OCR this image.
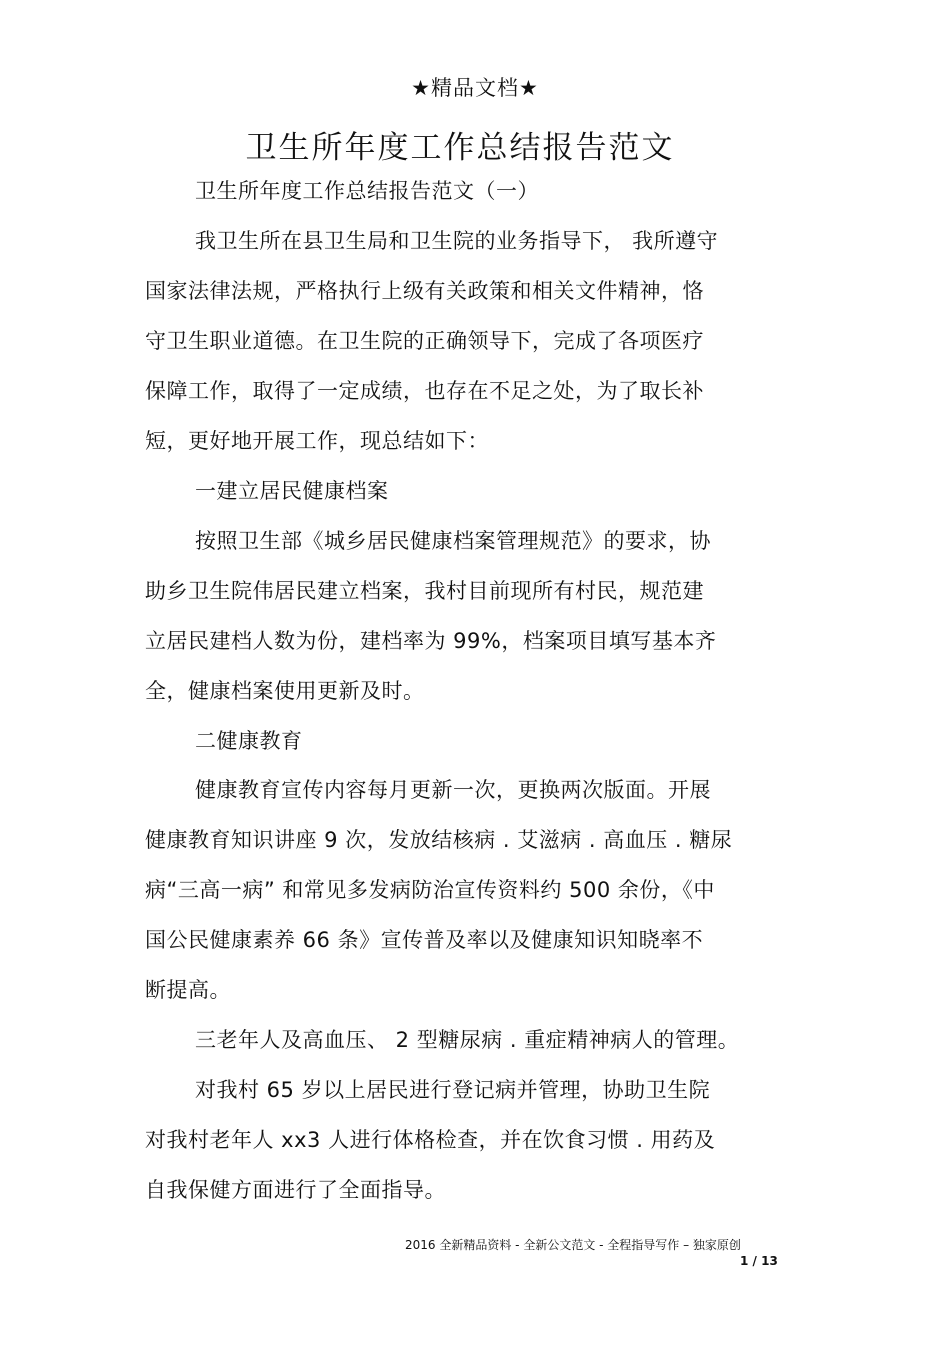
★精品文档★
卫生所年度工作总结报告范文
卫生所年度工作总结报告范文（一）
我卫生所在县卫生局和卫生院的业务指导下， 我所遵守
国家法律法规，严格执行上级有关政策和相关文件精神，恪
守卫生职业道德。在卫生院的正确领导下，完成了各项医疗
保障工作，取得了一定成绩，也存在不足之处，为了取长补
短，更好地开展工作，现总结如下：
一建立居民健康档案
按照卫生部《城乡居民健康档案管理规范》的要求，协
助乡卫生院伟居民建立档案，我村目前现所有村民，规范建
立居民建档人数为份，建档率为 99%，档案项目填写基本齐
全，健康档案使用更新及时。
二健康教育
健康教育宣传内容每月更新一次，更换两次版面。开展
健康教育知识讲座 9 次，发放结核病 . 艾滋病 . 高血压 . 糖尿
病“三高一病” 和常见多发病防治宣传资料约 500 余份，《中
国公民健康素养 66 条》宣传普及率以及健康知识知晓率不
断提高。
三老年人及高血压、 2 型糖尿病 . 重症精神病人的管理。
对我村 65 岁以上居民进行登记病并管理，协助卫生院
对我村老年人 xx3 人进行体格检查，并在饮食习惯 . 用药及
自我保健方面进行了全面指导。
2016 全新精品资料 - 全新公文范文 - 全程指导写作 – 独家原创
1 / 13
